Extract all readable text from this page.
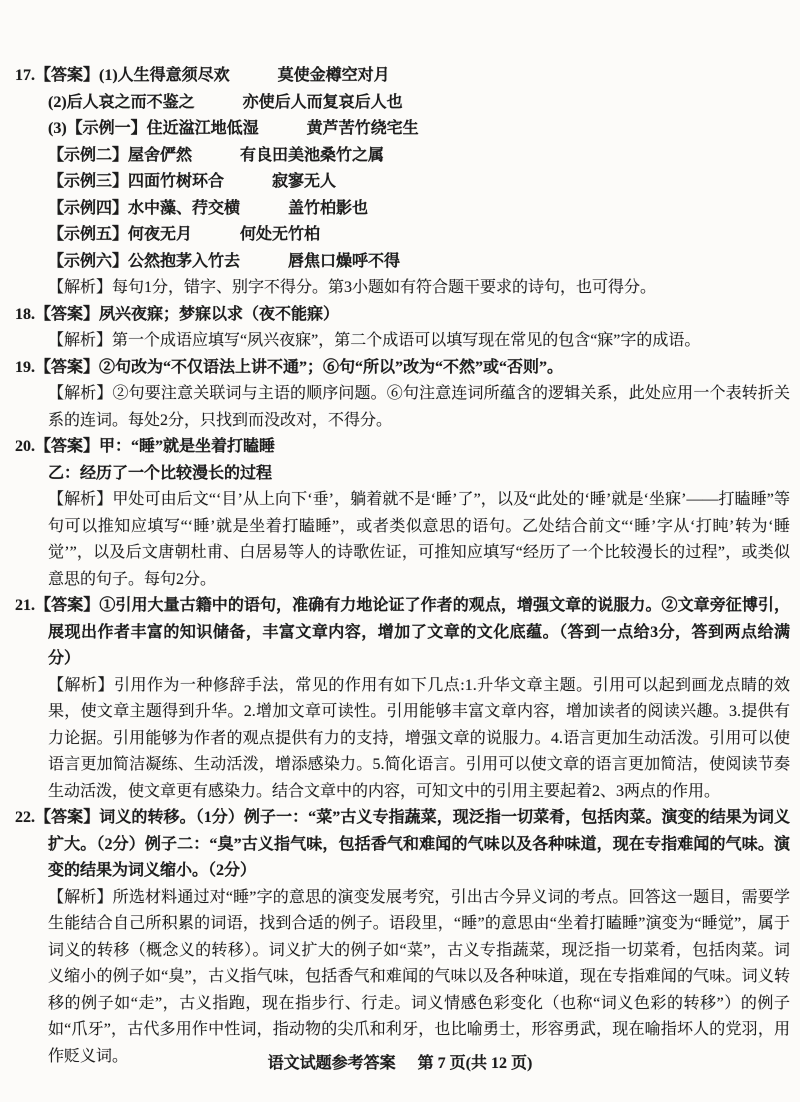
17.【答案】(1)人生得意须尽欢　　　莫使金樽空对月

(2)后人哀之而不鉴之　　　亦使后人而复哀后人也

(3)【示例一】住近湓江地低湿　　　黄芦苦竹绕宅生

【示例二】屋舍俨然　　　有良田美池桑竹之属

【示例三】四面竹树环合　　　寂寥无人

【示例四】水中藻、荇交横　　　盖竹柏影也

【示例五】何夜无月　　　何处无竹柏

【示例六】公然抱茅入竹去　　　唇焦口燥呼不得

【解析】每句1分，错字、别字不得分。第3小题如有符合题干要求的诗句，也可得分。

18.【答案】夙兴夜寐；梦寐以求（夜不能寐）

【解析】第一个成语应填写“夙兴夜寐”，第二个成语可以填写现在常见的包含“寐”字的成语。

19.【答案】②句改为“不仅语法上讲不通”；⑥句“所以”改为“不然”或“否则”。

【解析】②句要注意关联词与主语的顺序问题。⑥句注意连词所蕴含的逻辑关系，此处应用一个表转折关系的连词。每处2分，只找到而没改对，不得分。

20.【答案】甲：“睡”就是坐着打瞌睡

乙：经历了一个比较漫长的过程

【解析】甲处可由后文“‘目’从上向下‘垂’，躺着就不是‘睡’了”，以及“此处的‘睡’就是‘坐寐’——打瞌睡”等句可以推知应填写“‘睡’就是坐着打瞌睡”，或者类似意思的语句。乙处结合前文“‘睡’字从‘打盹’转为‘睡觉’”，以及后文唐朝杜甫、白居易等人的诗歌佐证，可推知应填写“经历了一个比较漫长的过程”，或类似意思的句子。每句2分。

21.【答案】①引用大量古籍中的语句，准确有力地论证了作者的观点，增强文章的说服力。②文章旁征博引，展现出作者丰富的知识储备，丰富文章内容，增加了文章的文化底蕴。（答到一点给3分，答到两点给满分）

【解析】引用作为一种修辞手法，常见的作用有如下几点:1.升华文章主题。引用可以起到画龙点睛的效果，使文章主题得到升华。2.增加文章可读性。引用能够丰富文章内容，增加读者的阅读兴趣。3.提供有力论据。引用能够为作者的观点提供有力的支持，增强文章的说服力。4.语言更加生动活泼。引用可以使语言更加简洁凝练、生动活泼，增添感染力。5.简化语言。引用可以使文章的语言更加简洁，使阅读节奏生动活泼，使文章更有感染力。结合文章中的内容，可知文中的引用主要起着2、3两点的作用。

22.【答案】词义的转移。（1分）例子一：“菜”古义专指蔬菜，现泛指一切菜肴，包括肉菜。演变的结果为词义扩大。（2分）例子二：“臭”古义指气味，包括香气和难闻的气味以及各种味道，现在专指难闻的气味。演变的结果为词义缩小。（2分）

【解析】所选材料通过对“睡”字的意思的演变发展考究，引出古今异义词的考点。回答这一题目，需要学生能结合自己所积累的词语，找到合适的例子。语段里，“睡”的意思由“坐着打瞌睡”演变为“睡觉”，属于词义的转移（概念义的转移）。词义扩大的例子如“菜”，古义专指蔬菜，现泛指一切菜肴，包括肉菜。词义缩小的例子如“臭”，古义指气味，包括香气和难闻的气味以及各种味道，现在专指难闻的气味。词义转移的例子如“走”，古义指跑，现在指步行、行走。词义情感色彩变化（也称“词义色彩的转移”）的例子如“爪牙”，古代多用作中性词，指动物的尖爪和利牙，也比喻勇士，形容勇武，现在喻指坏人的党羽，用作贬义词。	语文试题参考答案 第 7 页(共 12 页)
